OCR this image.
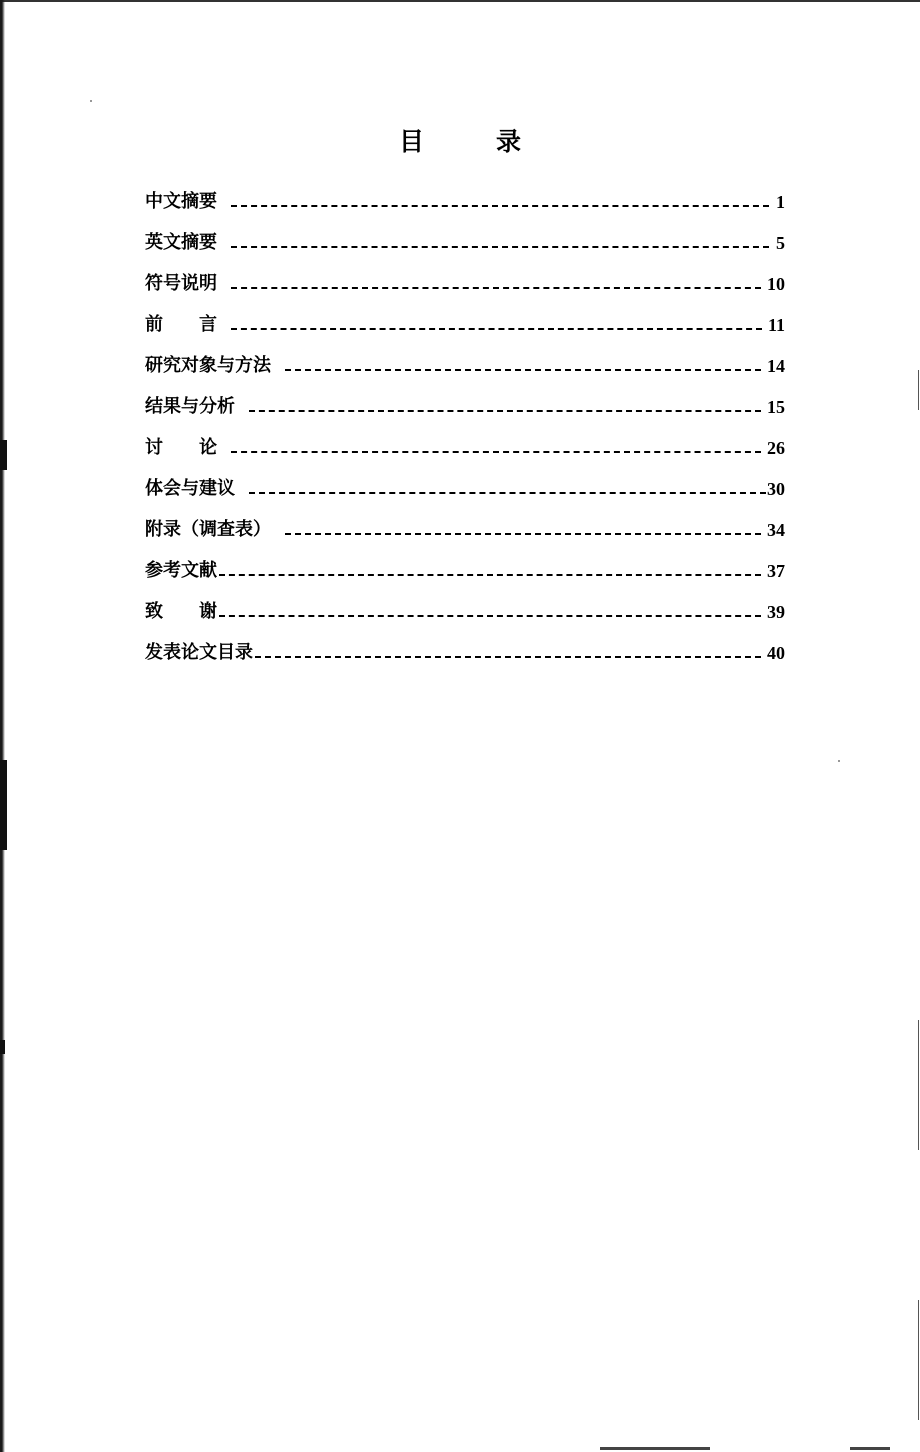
目	录
中文摘要	1
英文摘要	5
符号说明	10
前　　言	11
研究对象与方法	14
结果与分析	15
讨　　论	26
体会与建议	30
附录（调查表）	34
参考文献	37
致　　谢	39
发表论文目录	40
